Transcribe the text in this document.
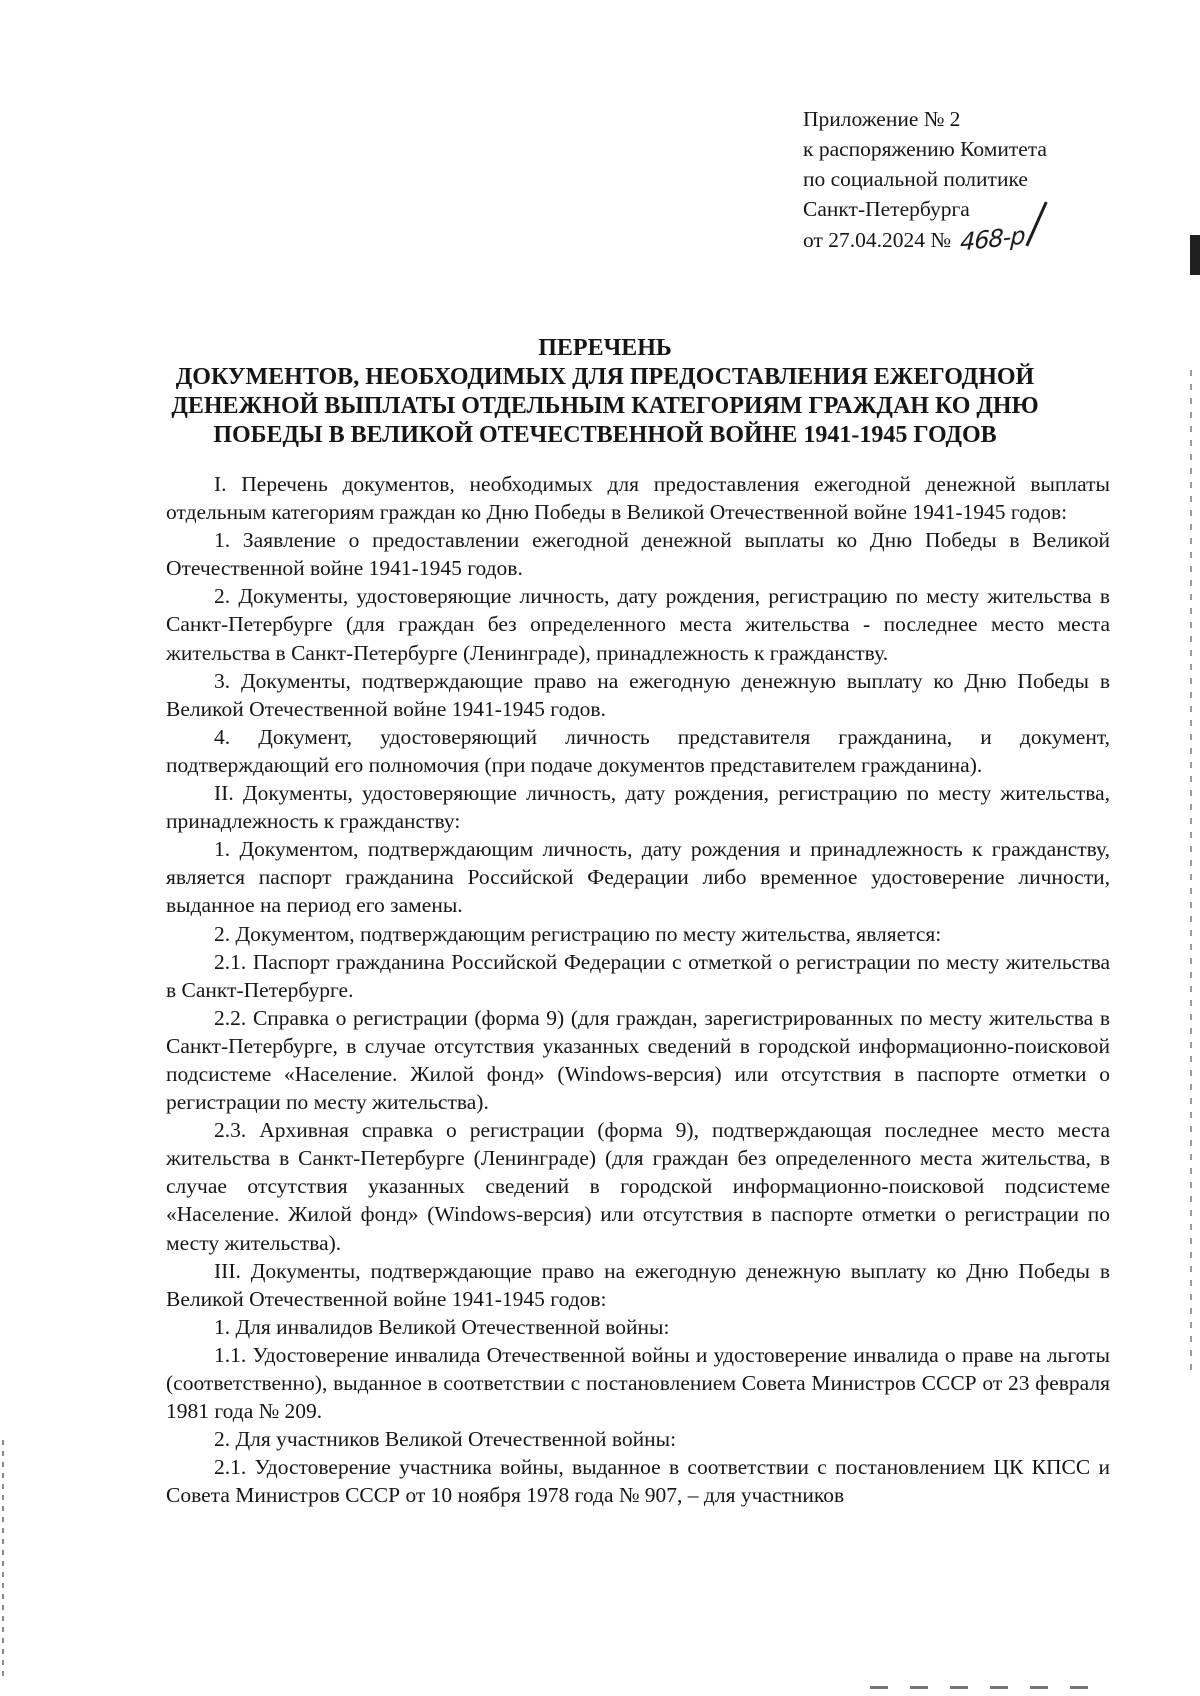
Приложение № 2
к распоряжению Комитета
по социальной политике
Санкт-Петербурга
от 27.04.2024 № 468-р
ПЕРЕЧЕНЬ
ДОКУМЕНТОВ, НЕОБХОДИМЫХ ДЛЯ ПРЕДОСТАВЛЕНИЯ ЕЖЕГОДНОЙ
ДЕНЕЖНОЙ ВЫПЛАТЫ ОТДЕЛЬНЫМ КАТЕГОРИЯМ ГРАЖДАН КО ДНЮ
ПОБЕДЫ В ВЕЛИКОЙ ОТЕЧЕСТВЕННОЙ ВОЙНЕ 1941-1945 ГОДОВ

I. Перечень документов, необходимых для предоставления ежегодной денежной выплаты отдельным категориям граждан ко Дню Победы в Великой Отечественной войне 1941-1945 годов:

1. Заявление о предоставлении ежегодной денежной выплаты ко Дню Победы в Великой Отечественной войне 1941-1945 годов.

2. Документы, удостоверяющие личность, дату рождения, регистрацию по месту жительства в Санкт-Петербурге (для граждан без определенного места жительства - последнее место места жительства в Санкт-Петербурге (Ленинграде), принадлежность к гражданству.

3. Документы, подтверждающие право на ежегодную денежную выплату ко Дню Победы в Великой Отечественной войне 1941-1945 годов.

4. Документ, удостоверяющий личность представителя гражданина, и документ, подтверждающий его полномочия (при подаче документов представителем гражданина).

II. Документы, удостоверяющие личность, дату рождения, регистрацию по месту жительства, принадлежность к гражданству:

1. Документом, подтверждающим личность, дату рождения и принадлежность к гражданству, является паспорт гражданина Российской Федерации либо временное удостоверение личности, выданное на период его замены.

2. Документом, подтверждающим регистрацию по месту жительства, является:

2.1. Паспорт гражданина Российской Федерации с отметкой о регистрации по месту жительства в Санкт-Петербурге.

2.2. Справка о регистрации (форма 9) (для граждан, зарегистрированных по месту жительства в Санкт-Петербурге, в случае отсутствия указанных сведений в городской информационно-поисковой подсистеме «Население. Жилой фонд» (Windows-версия) или отсутствия в паспорте отметки о регистрации по месту жительства).

2.3. Архивная справка о регистрации (форма 9), подтверждающая последнее место места жительства в Санкт-Петербурге (Ленинграде) (для граждан без определенного места жительства, в случае отсутствия указанных сведений в городской информационно-поисковой подсистеме «Население. Жилой фонд» (Windows-версия) или отсутствия в паспорте отметки о регистрации по месту жительства).

III. Документы, подтверждающие право на ежегодную денежную выплату ко Дню Победы в Великой Отечественной войне 1941-1945 годов:

1. Для инвалидов Великой Отечественной войны:

1.1. Удостоверение инвалида Отечественной войны и удостоверение инвалида о праве на льготы (соответственно), выданное в соответствии с постановлением Совета Министров СССР от 23 февраля 1981 года № 209.

2. Для участников Великой Отечественной войны:

2.1. Удостоверение участника войны, выданное в соответствии с постановлением ЦК КПСС и Совета Министров СССР от 10 ноября 1978 года № 907, – для участников
